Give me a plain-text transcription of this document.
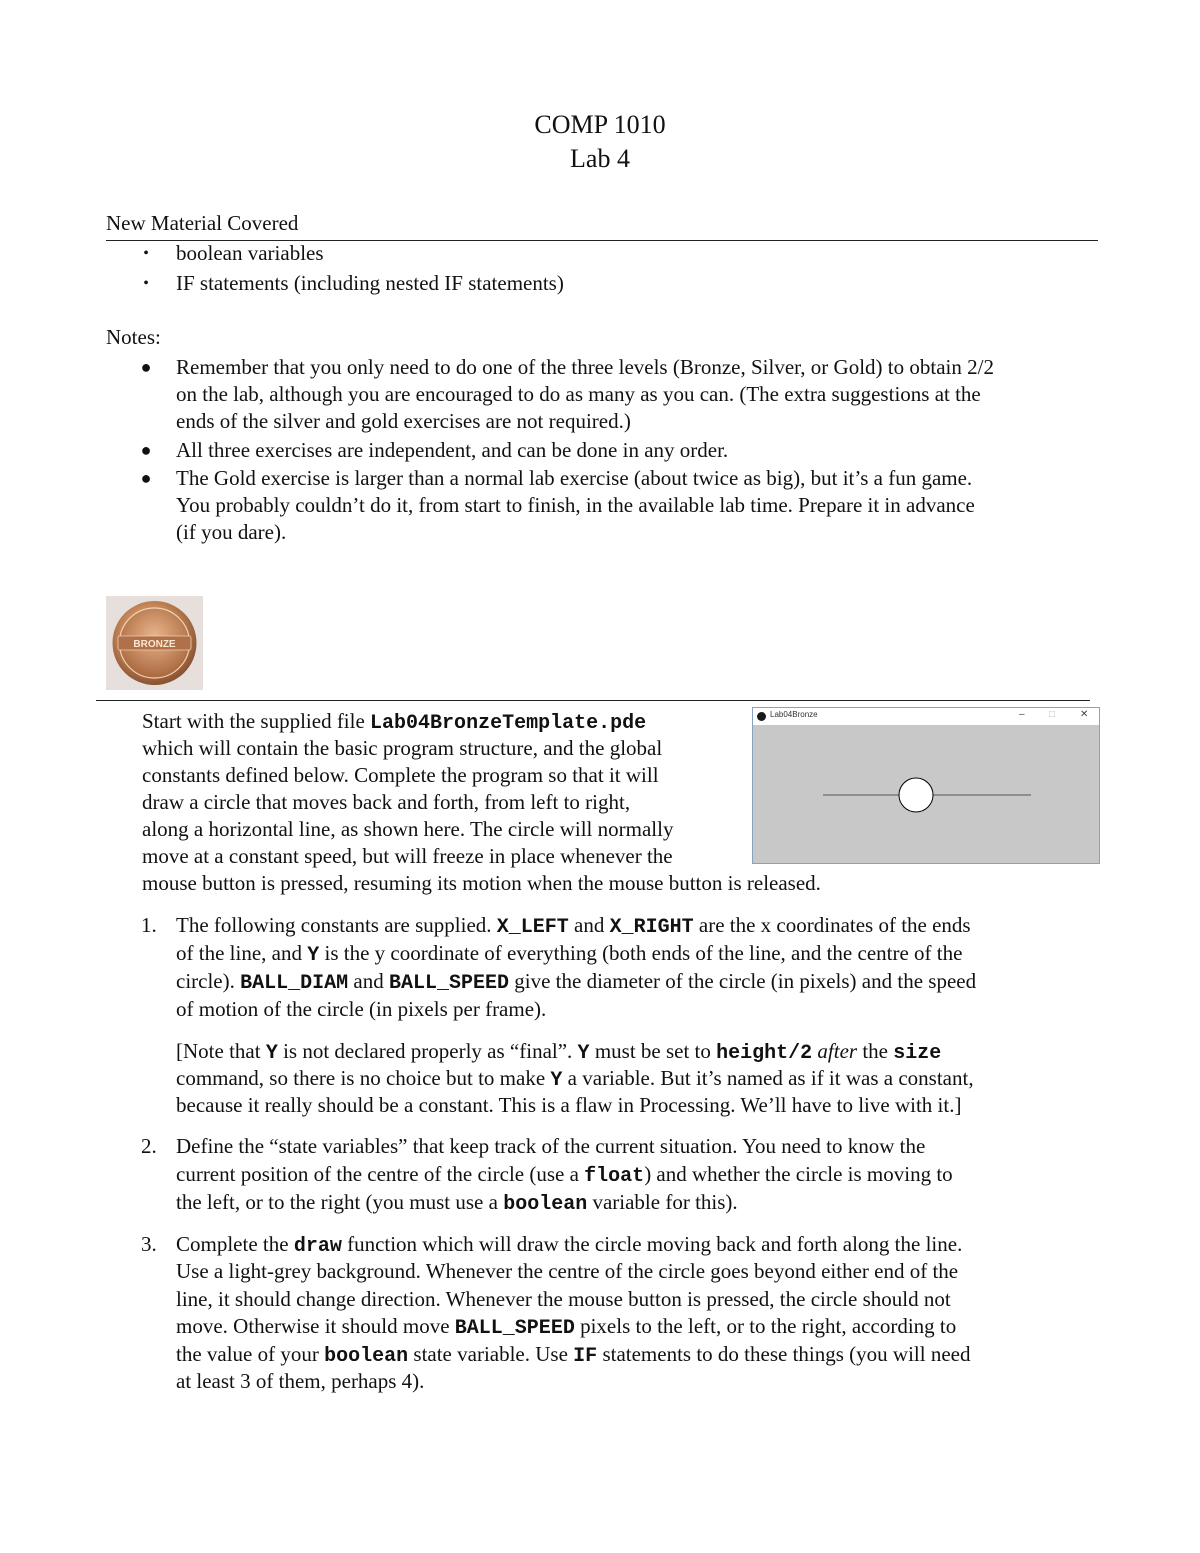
COMP 1010
Lab 4
New Material Covered
•	boolean variables
•	IF statements (including nested IF statements)
Notes:
● Remember that you only need to do one of the three levels (Bronze, Silver, or Gold) to obtain 2/2
on the lab, although you are encouraged to do as many as you can. (The extra suggestions at the
ends of the silver and gold exercises are not required.)
● All three exercises are independent, and can be done in any order.
● The Gold exercise is larger than a normal lab exercise (about twice as big), but it’s a fun game.
You probably couldn’t do it, from start to finish, in the available lab time. Prepare it in advance
(if you dare).
BRONZE
Lab04Bronze	– □ ✕
Start with the supplied file Lab04BronzeTemplate.pde
which will contain the basic program structure, and the global
constants defined below. Complete the program so that it will
draw a circle that moves back and forth, from left to right,
along a horizontal line, as shown here. The circle will normally
move at a constant speed, but will freeze in place whenever the
mouse button is pressed, resuming its motion when the mouse button is released.
1. The following constants are supplied. X_LEFT and X_RIGHT are the x coordinates of the ends
of the line, and Y is the y coordinate of everything (both ends of the line, and the centre of the
circle). BALL_DIAM and BALL_SPEED give the diameter of the circle (in pixels) and the speed
of motion of the circle (in pixels per frame).
[Note that Y is not declared properly as “final”. Y must be set to height/2 after the size
command, so there is no choice but to make Y a variable. But it’s named as if it was a constant,
because it really should be a constant. This is a flaw in Processing. We’ll have to live with it.]
2. Define the “state variables” that keep track of the current situation. You need to know the
current position of the centre of the circle (use a float) and whether the circle is moving to
the left, or to the right (you must use a boolean variable for this).
3. Complete the draw function which will draw the circle moving back and forth along the line.
Use a light-grey background. Whenever the centre of the circle goes beyond either end of the
line, it should change direction. Whenever the mouse button is pressed, the circle should not
move. Otherwise it should move BALL_SPEED pixels to the left, or to the right, according to
the value of your boolean state variable. Use IF statements to do these things (you will need
at least 3 of them, perhaps 4).
